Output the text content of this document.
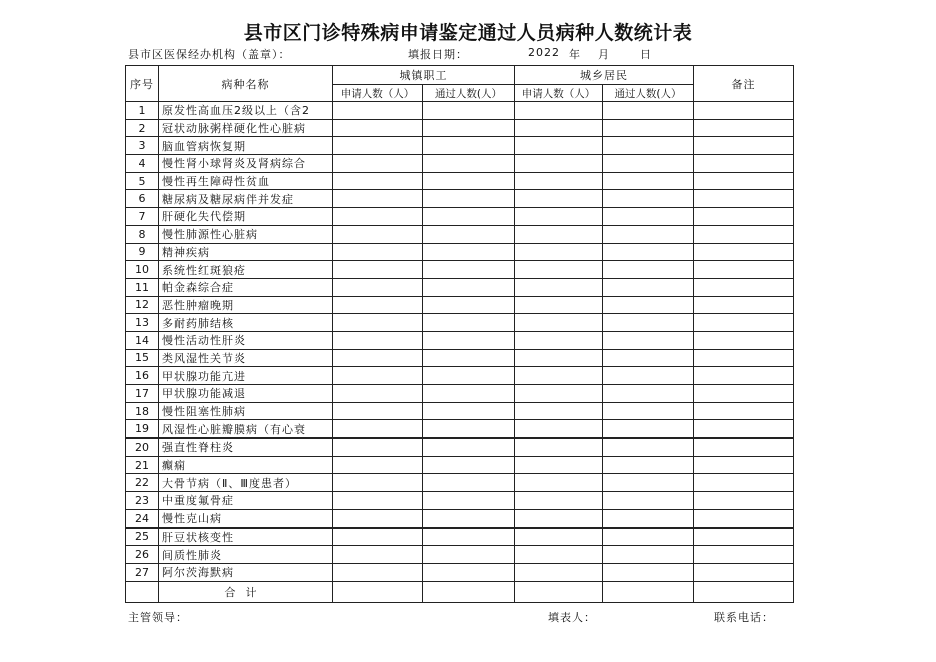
县市区门诊特殊病申请鉴定通过人员病种人数统计表
县市区医保经办机构（盖章）：	填报日期：	2022 年 月	日
序号	病种名称	城镇职工		城乡居民		备注
		申请人数（人）	通过人数(人）	申请人数（人）	通过人数(人）	
1	原发性高血压2级以上（含2					
2	冠状动脉粥样硬化性心脏病					
3	脑血管病恢复期					
4	慢性肾小球肾炎及肾病综合					
5	慢性再生障碍性贫血					
6	糖尿病及糖尿病伴并发症					
7	肝硬化失代偿期					
8	慢性肺源性心脏病					
9	精神疾病					
10	系统性红斑狼疮					
11	帕金森综合症					
12	恶性肿瘤晚期					
13	多耐药肺结核					
14	慢性活动性肝炎					
15	类风湿性关节炎					
16	甲状腺功能亢进					
17	甲状腺功能减退					
18	慢性阻塞性肺病					
19	风湿性心脏瓣膜病（有心衰					
20	强直性脊柱炎					
21	癫痫					
22	大骨节病（Ⅱ、Ⅲ度患者）					
23	中重度氟骨症					
24	慢性克山病					
25	肝豆状核变性					
26	间质性肺炎					
27	阿尔茨海默病					
	合计					
主管领导：	填表人：	联系电话：
